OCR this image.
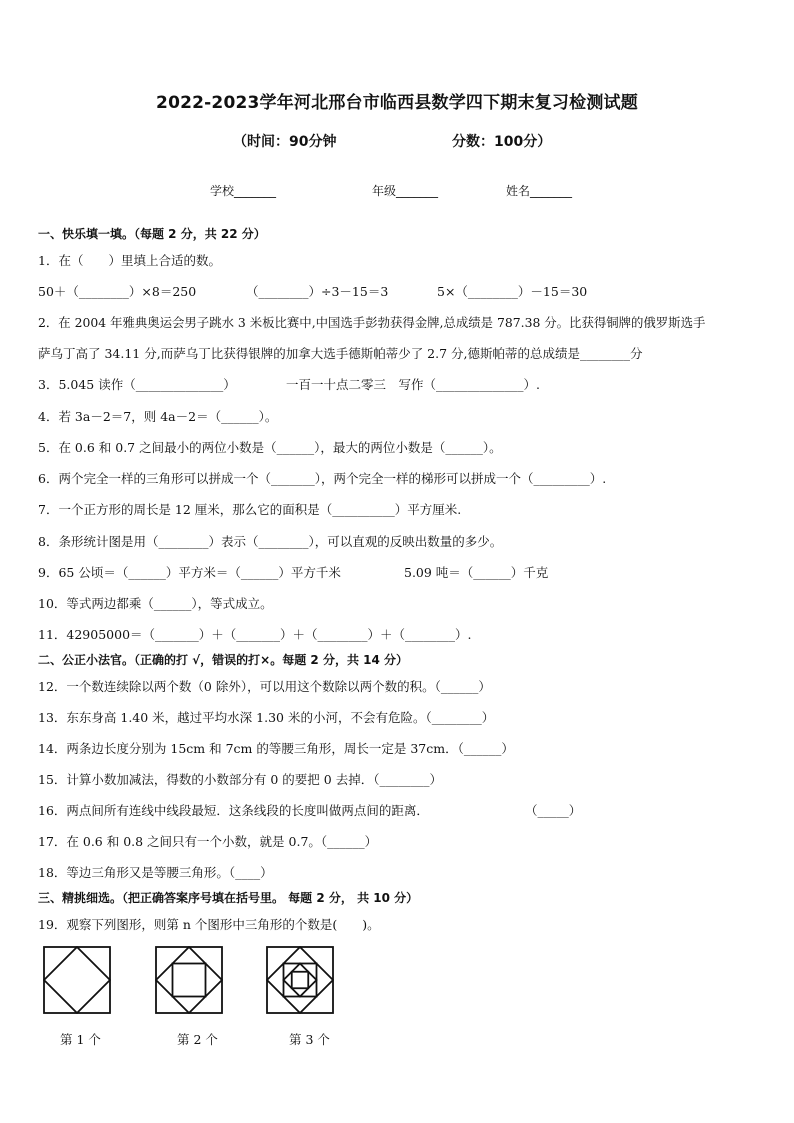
2022-2023学年河北邢台市临西县数学四下期末复习检测试题
（时间：90分钟	分数：100分）
学校_______	年级_______	姓名_______
一、快乐填一填。（每题 2 分，共 22 分）
1．在（　　）里填上合适的数。
50＋（________）×8＝250	（________）÷3－15＝3	5×（________）－15＝30
2．在 2004 年雅典奥运会男子跳水 3 米板比赛中,中国选手彭勃获得金牌,总成绩是 787.38 分。比获得铜牌的俄罗斯选手
萨乌丁高了 34.11 分,而萨乌丁比获得银牌的加拿大选手德斯帕蒂少了 2.7 分,德斯帕蒂的总成绩是________分
3．5.045 读作（______________）	一百一十点二零三　写作（______________）.
4．若 3a－2＝7，则 4a－2＝（______）。
5．在 0.6 和 0.7 之间最小的两位小数是（______），最大的两位小数是（______）。
6．两个完全一样的三角形可以拼成一个（_______），两个完全一样的梯形可以拼成一个（_________）.
7．一个正方形的周长是 12 厘米，那么它的面积是（__________）平方厘米.
8．条形统计图是用（________）表示（________），可以直观的反映出数量的多少。
9．65 公顷＝（______）平方米＝（______）平方千米	5.09 吨＝（______）千克
10．等式两边都乘（______），等式成立。
11．42905000＝（_______）＋（_______）＋（________）＋（________）.
二、公正小法官。（正确的打 √，错误的打×。每题 2 分，共 14 分）
12．一个数连续除以两个数（0 除外），可以用这个数除以两个数的积。（______）
13．东东身高 1.40 米，越过平均水深 1.30 米的小河，不会有危险。（________）
14．两条边长度分别为 15cm 和 7cm 的等腰三角形，周长一定是 37cm．（______）
15．计算小数加减法，得数的小数部分有 0 的要把 0 去掉．（________）
16．两点间所有连线中线段最短．这条线段的长度叫做两点间的距离．	（_____）
17．在 0.6 和 0.8 之间只有一个小数，就是 0.7。（______）
18．等边三角形又是等腰三角形。（____）
三、精挑细选。（把正确答案序号填在括号里。 每题 2 分， 共 10 分）
19．观察下列图形，则第 n 个图形中三角形的个数是(　　)。
第 1 个	第 2 个	第 3 个
